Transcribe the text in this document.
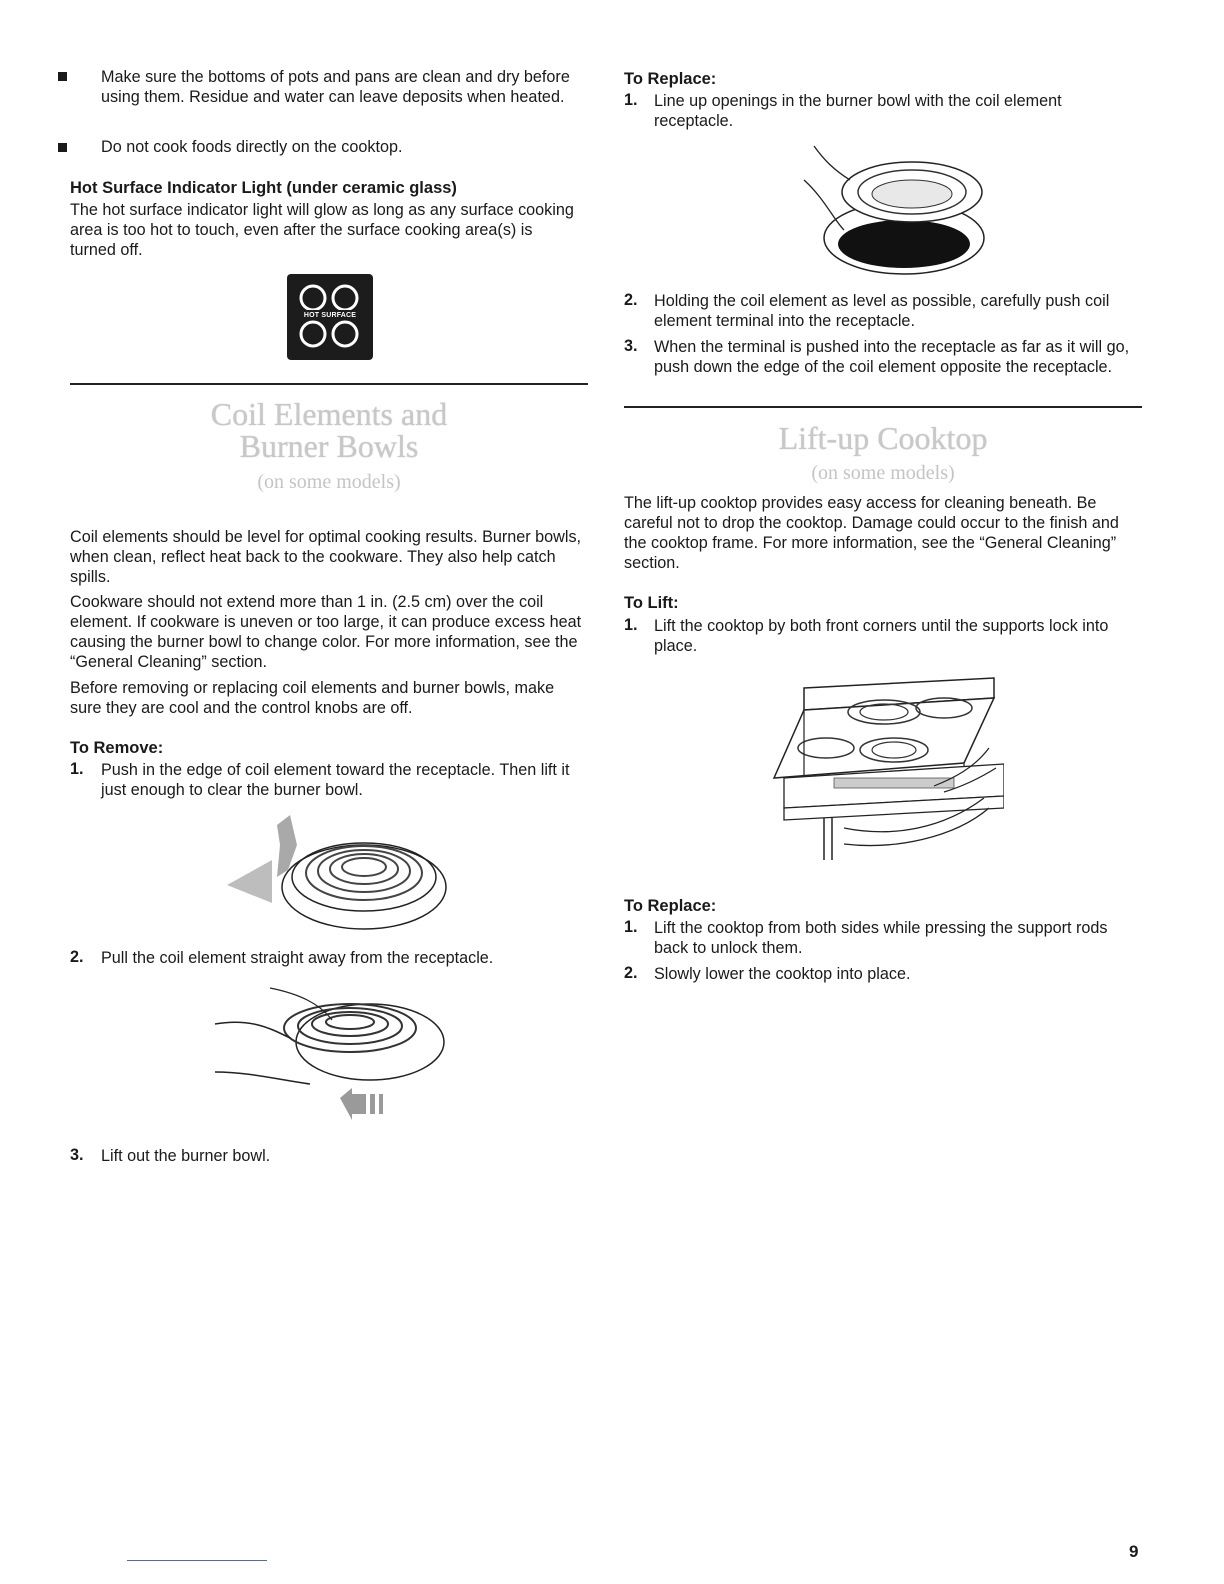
Make sure the bottoms of pots and pans are clean and dry before using them. Residue and water can leave deposits when heated.

Do not cook foods directly on the cooktop.

Hot Surface Indicator Light (under ceramic glass)

The hot surface indicator light will glow as long as any surface cooking area is too hot to touch, even after the surface cooking area(s) is turned off.

HOT SURFACE

Coil Elements and

Burner Bowls

(on some models)

Coil elements should be level for optimal cooking results. Burner bowls, when clean, reflect heat back to the cookware. They also help catch spills.

Cookware should not extend more than 1 in. (2.5 cm) over the coil element. If cookware is uneven or too large, it can produce excess heat causing the burner bowl to change color. For more information, see the “General Cleaning” section.

Before removing or replacing coil elements and burner bowls, make sure they are cool and the control knobs are off.

To Remove:

1. Push in the edge of coil element toward the receptacle. Then lift it just enough to clear the burner bowl.

2. Pull the coil element straight away from the receptacle.

3. Lift out the burner bowl.

To Replace:

1. Line up openings in the burner bowl with the coil element receptacle.

2. Holding the coil element as level as possible, carefully push coil element terminal into the receptacle.

3. When the terminal is pushed into the receptacle as far as it will go, push down the edge of the coil element opposite the receptacle.

Lift-up Cooktop

(on some models)

The lift-up cooktop provides easy access for cleaning beneath. Be careful not to drop the cooktop. Damage could occur to the finish and the cooktop frame. For more information, see the “General Cleaning” section.

To Lift:

1. Lift the cooktop by both front corners until the supports lock into place.

To Replace:

1. Lift the cooktop from both sides while pressing the support rods back to unlock them.

2. Slowly lower the cooktop into place.

9
